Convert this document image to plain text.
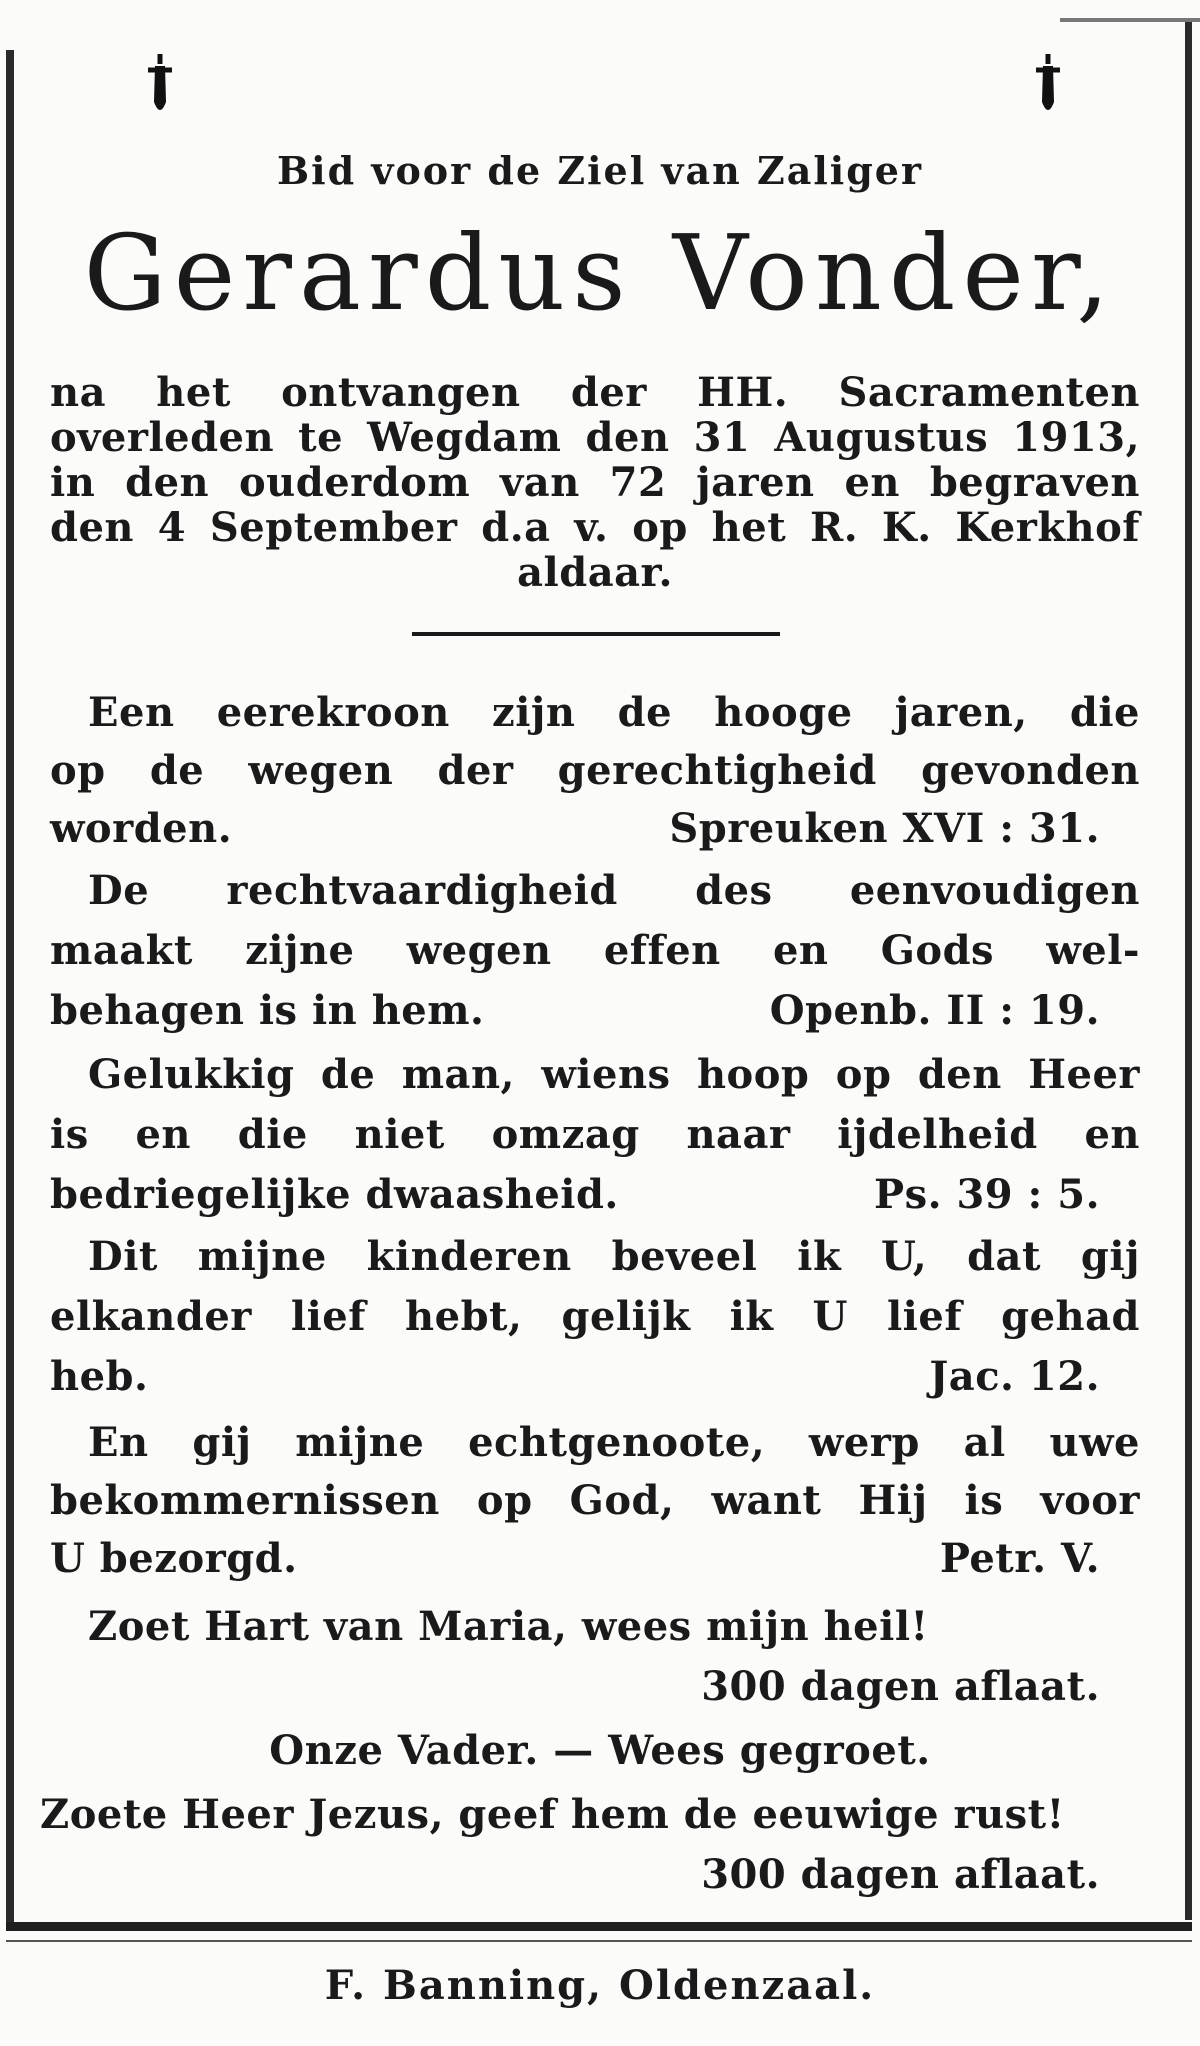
Bid voor de Ziel van Zaliger
Gerardus Vonder,
na het ontvangen der HH. Sacramenten
overleden te Wegdam den 31 Augustus 1913,
in den ouderdom van 72 jaren en begraven
den 4 September d.a v. op het R. K. Kerkhof
aldaar.
Een eerekroon zijn de hooge jaren, die
op de wegen der gerechtigheid gevonden
worden.	Spreuken XVI : 31.
De rechtvaardigheid des eenvoudigen
maakt zijne wegen effen en Gods wel-
behagen is in hem.	Openb. II : 19.
Gelukkig de man, wiens hoop op den Heer
is en die niet omzag naar ijdelheid en
bedriegelijke dwaasheid.	Ps. 39 : 5.
Dit mijne kinderen beveel ik U, dat gij
elkander lief hebt, gelijk ik U lief gehad
heb.	Jac. 12.
En gij mijne echtgenoote, werp al uwe
bekommernissen op God, want Hij is voor
U bezorgd.	Petr. V.
Zoet Hart van Maria, wees mijn heil!
300 dagen aflaat.
Onze Vader. — Wees gegroet.
Zoete Heer Jezus, geef hem de eeuwige rust!
300 dagen aflaat.
F. Banning, Oldenzaal.
